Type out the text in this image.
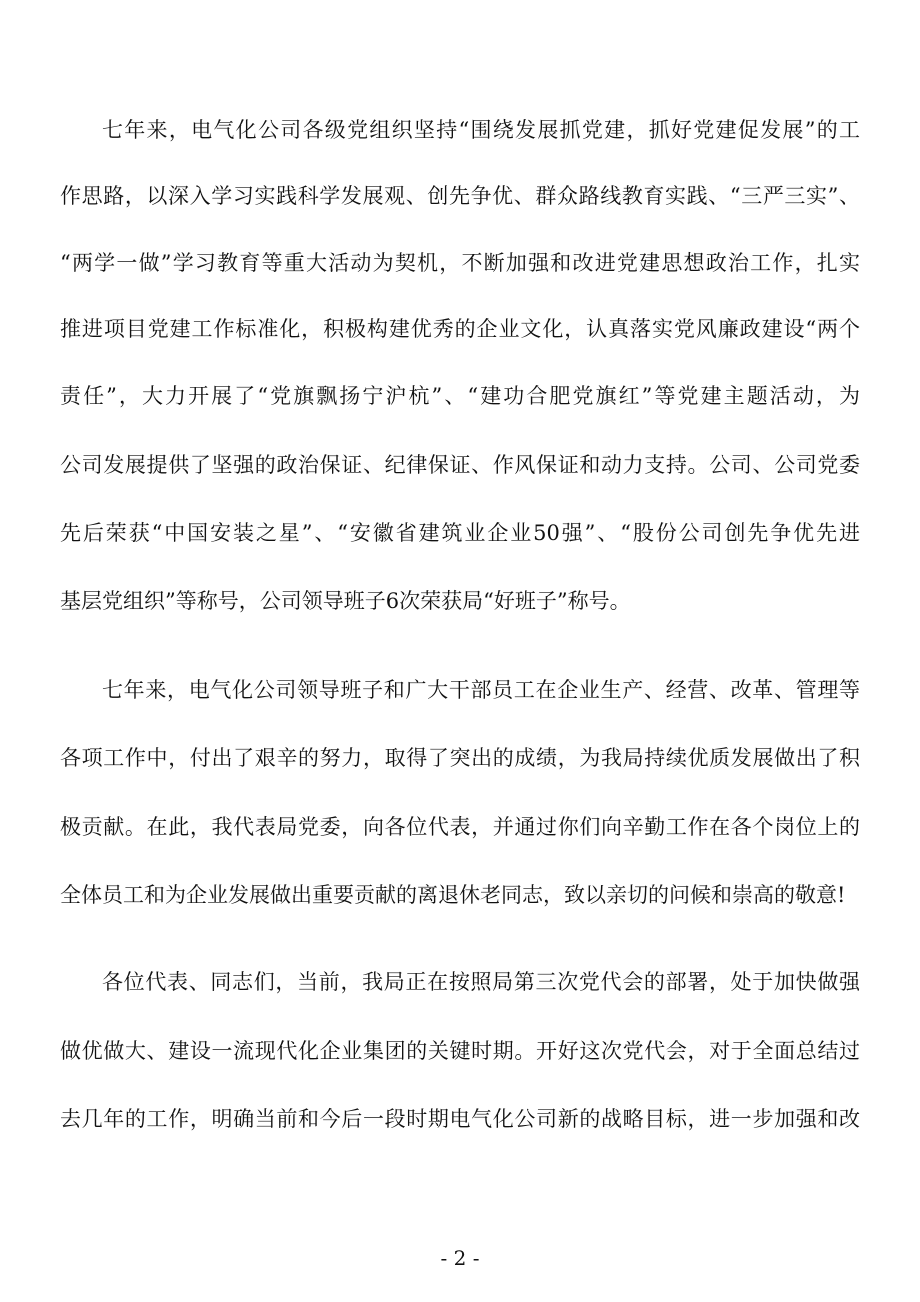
七年来，电气化公司各级党组织坚持“围绕发展抓党建，抓好党建促发展”的工

作思路，以深入学习实践科学发展观、创先争优、群众路线教育实践、“三严三实”、

“两学一做”学习教育等重大活动为契机，不断加强和改进党建思想政治工作，扎实

推进项目党建工作标准化，积极构建优秀的企业文化，认真落实党风廉政建设“两个

责任”，大力开展了“党旗飘扬宁沪杭”、“建功合肥党旗红”等党建主题活动，为

公司发展提供了坚强的政治保证、纪律保证、作风保证和动力支持。公司、公司党委

先后荣获“中国安装之星”、“安徽省建筑业企业50强”、“股份公司创先争优先进

基层党组织”等称号，公司领导班子6次荣获局“好班子”称号。

七年来，电气化公司领导班子和广大干部员工在企业生产、经营、改革、管理等

各项工作中，付出了艰辛的努力，取得了突出的成绩，为我局持续优质发展做出了积

极贡献。在此，我代表局党委，向各位代表，并通过你们向辛勤工作在各个岗位上的

全体员工和为企业发展做出重要贡献的离退休老同志，致以亲切的问候和崇高的敬意!

各位代表、同志们，当前，我局正在按照局第三次党代会的部署，处于加快做强

做优做大、建设一流现代化企业集团的关键时期。开好这次党代会，对于全面总结过

去几年的工作，明确当前和今后一段时期电气化公司新的战略目标，进一步加强和改

- 2 -
